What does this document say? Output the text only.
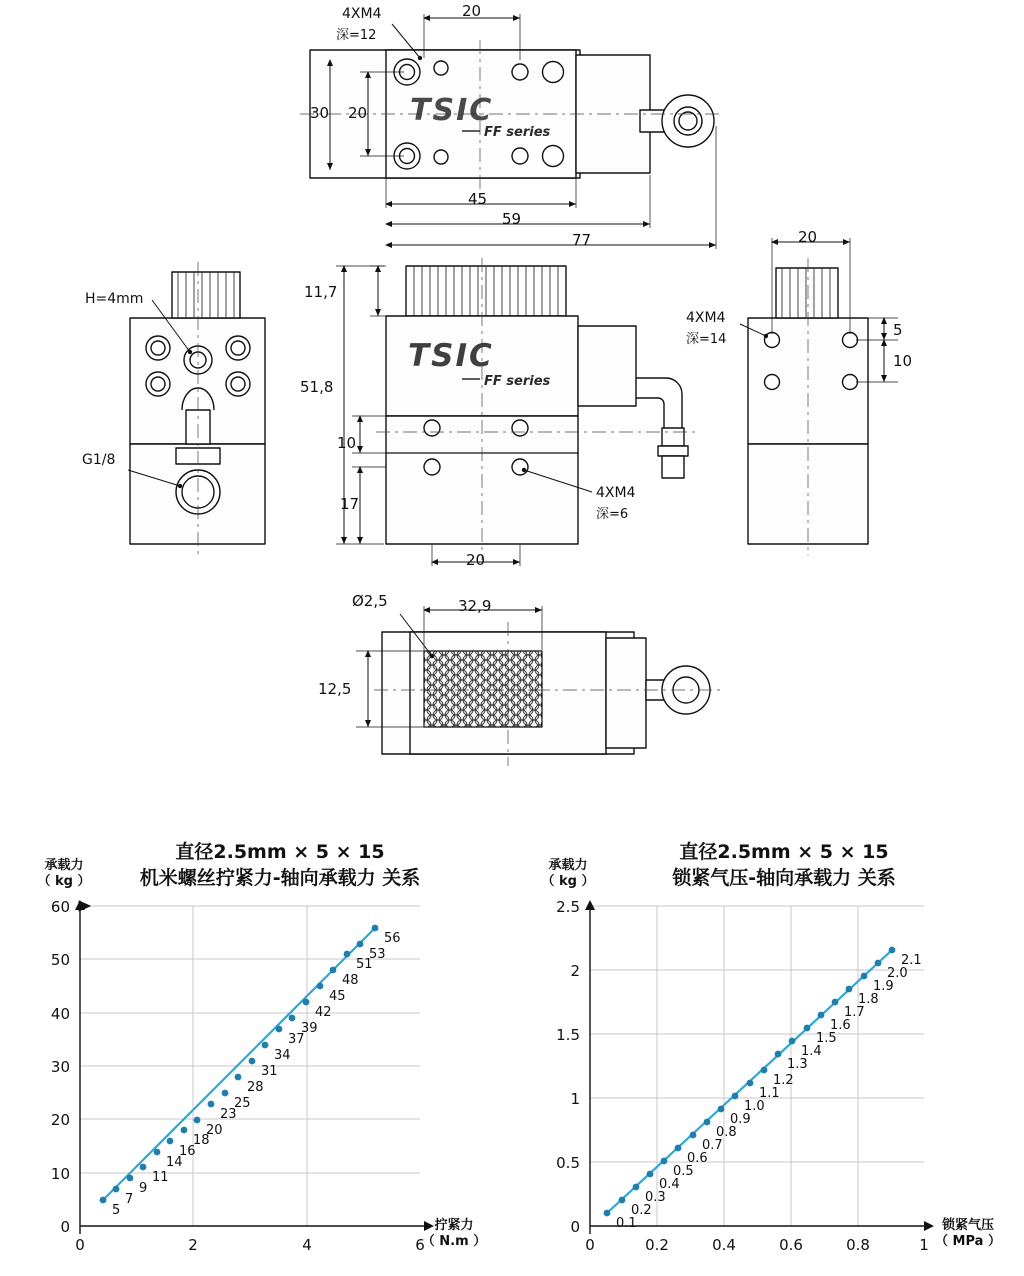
TSIC
FF series
TSIC
FF series
4XM4
深=12
20
30 20
45
59
77
H=4mm
G1/8
11,7
51,8
10
17
20
4XM4
深=6
20
4XM4
深=14
5
10
Ø2,5	32,9
12,5
直径2.5mm × 5 × 15
机米螺丝拧紧力-轴向承载力 关系
承载力
（ kg ）
拧紧力
（ N.m ）
60
50
40
30
20
10
0
0	2	4	6
5
7
9
11
14
16
18
20
23
25
28
31
34
37
39
42
45
48
51
53
56
直径2.5mm × 5 × 15
锁紧气压-轴向承载力 关系
承载力
（ kg ）
锁紧气压
（ MPa ）
2.5
2
1.5
1
0.5
0
0	0.2	0.4	0.6	0.8	1
0.1
0.2
0.3
0.4
0.5
0.6
0.7
0.8
0.9
1.0
1.1
1.2
1.3
1.4
1.5
1.6
1.7
1.8
1.9
2.0
2.1
